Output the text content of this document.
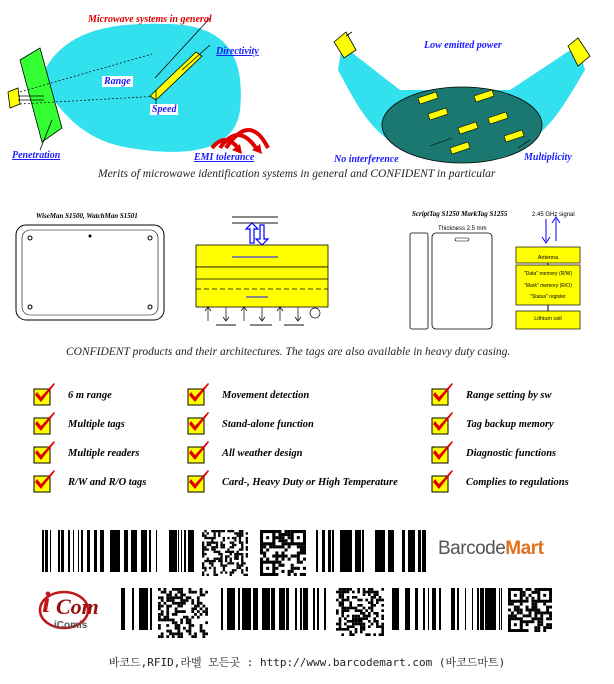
Microwave systems in general
Directivity
Range
Speed
Penetration	EMI tolerance
Low emitted power
No interference	Multiplicity
Merits of microwawe identification systems in general and CONFIDENT in particular
WiseMan S1500, WatchMan S1501	ScriptTag S1250 MarkTag S1255	2.45 GHz signal
Thickness 2.5 mm
Antenna
"Data" memory (R/W)
"Mark" memory (R/O)
"Status" register
Lithium cell
CONFIDENT products and their architectures. The tags are also available in heavy duty casing.
6 m range
Multiple tags
Multiple readers
R/W and R/O tags
Movement detection
Stand-alone function
All weather design
Card-, Heavy Duty or High Temperature
Range setting by sw
Tag backup memory
Diagnostic functions
Complies to regulations
BarcodeMart
i Com
iComis
바코드,RFID,라벨 모든곳 : http://www.barcodemart.com (바코드마트)
